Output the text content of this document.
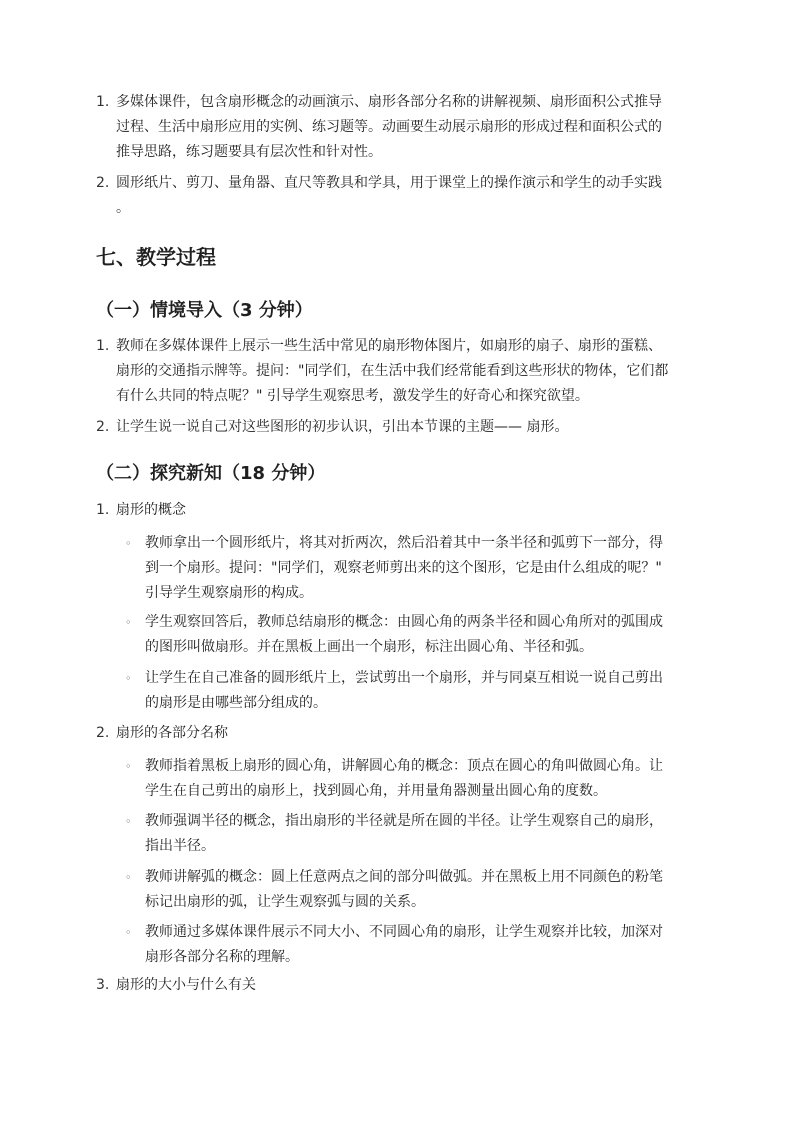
1. 多媒体课件，包含扇形概念的动画演示、扇形各部分名称的讲解视频、扇形面积公式推导
过程、生活中扇形应用的实例、练习题等。动画要生动展示扇形的形成过程和面积公式的
推导思路，练习题要具有层次性和针对性。
2. 圆形纸片、剪刀、量角器、直尺等教具和学具，用于课堂上的操作演示和学生的动手实践
。
七、教学过程
（一）情境导入（3 分钟）
1. 教师在多媒体课件上展示一些生活中常见的扇形物体图片，如扇形的扇子、扇形的蛋糕、
扇形的交通指示牌等。提问："同学们，在生活中我们经常能看到这些形状的物体，它们都
有什么共同的特点呢？" 引导学生观察思考，激发学生的好奇心和探究欲望。
2. 让学生说一说自己对这些图形的初步认识，引出本节课的主题—— 扇形。
（二）探究新知（18 分钟）
1. 扇形的概念
◦ 教师拿出一个圆形纸片，将其对折两次，然后沿着其中一条半径和弧剪下一部分，得
到一个扇形。提问："同学们，观察老师剪出来的这个图形，它是由什么组成的呢？"
引导学生观察扇形的构成。
◦ 学生观察回答后，教师总结扇形的概念：由圆心角的两条半径和圆心角所对的弧围成
的图形叫做扇形。并在黑板上画出一个扇形，标注出圆心角、半径和弧。
◦ 让学生在自己准备的圆形纸片上，尝试剪出一个扇形，并与同桌互相说一说自己剪出
的扇形是由哪些部分组成的。
2. 扇形的各部分名称
◦ 教师指着黑板上扇形的圆心角，讲解圆心角的概念：顶点在圆心的角叫做圆心角。让
学生在自己剪出的扇形上，找到圆心角，并用量角器测量出圆心角的度数。
◦ 教师强调半径的概念，指出扇形的半径就是所在圆的半径。让学生观察自己的扇形，
指出半径。
◦ 教师讲解弧的概念：圆上任意两点之间的部分叫做弧。并在黑板上用不同颜色的粉笔
标记出扇形的弧，让学生观察弧与圆的关系。
◦ 教师通过多媒体课件展示不同大小、不同圆心角的扇形，让学生观察并比较，加深对
扇形各部分名称的理解。
3. 扇形的大小与什么有关
